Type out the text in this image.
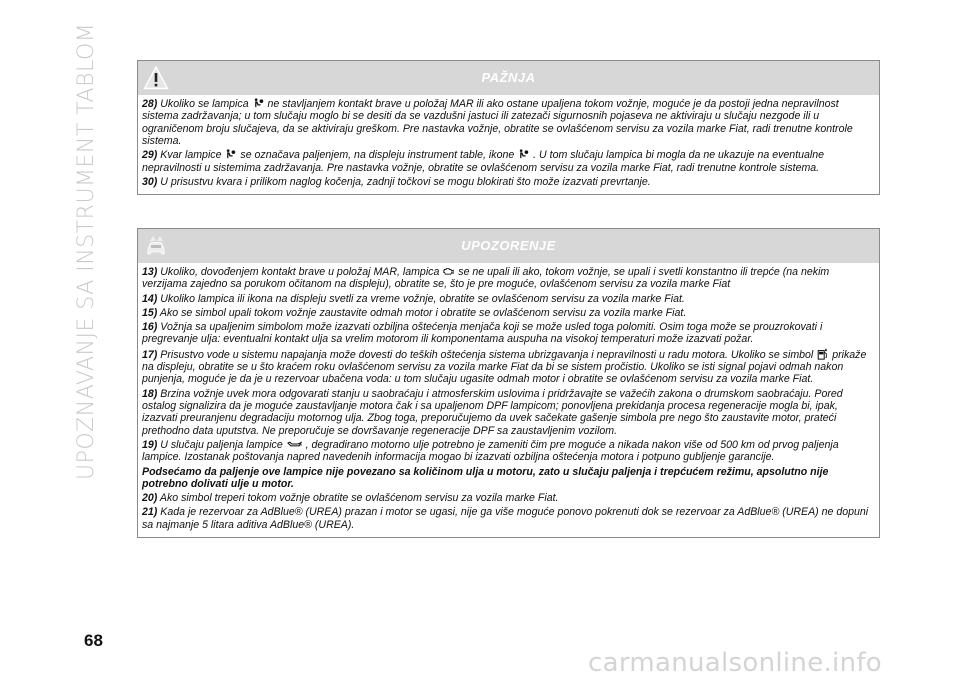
UPOZNAVANJE SA INSTRUMENT TABLOM	PAŽNJA

28) Ukoliko se lampica ne stavljanjem kontakt brave u položaj MAR ili ako ostane upaljena tokom vožnje, moguće je da postoji jedna nepravilnost sistema zadržavanja; u tom slučaju moglo bi se desiti da se vazdušni jastuci ili zatezači sigurnosnih pojaseva ne aktiviraju u slučaju nezgode ili u ograničenom broju slučajeva, da se aktiviraju greškom. Pre nastavka vožnje, obratite se ovlašćenom servisu za vozila marke Fiat, radi trenutne kontrole sistema.

29) Kvar lampice se označava paljenjem, na displeju instrument table, ikone . U tom slučaju lampica bi mogla da ne ukazuje na eventualne nepravilnosti u sistemima zadržavanja. Pre nastavka vožnje, obratite se ovlašćenom servisu za vozila marke Fiat, radi trenutne kontrole sistema.

30) U prisustvu kvara i prilikom naglog kočenja, zadnji točkovi se mogu blokirati što može izazvati prevrtanje.

UPOZORENJE

13) Ukoliko, dovođenjem kontakt brave u položaj MAR, lampica se ne upali ili ako, tokom vožnje, se upali i svetli konstantno ili trepće (na nekim verzijama zajedno sa porukom očitanom na displeju), obratite se, što je pre moguće, ovlašćenom servisu za vozila marke Fiat

14) Ukoliko lampica ili ikona na displeju svetli za vreme vožnje, obratite se ovlašćenom servisu za vozila marke Fiat.

15) Ako se simbol upali tokom vožnje zaustavite odmah motor i obratite se ovlašćenom servisu za vozila marke Fiat.

16) Vožnja sa upaljenim simbolom može izazvati ozbiljna oštećenja menjača koji se može usled toga polomiti. Osim toga može se prouzrokovati i pregrevanje ulja: eventualni kontakt ulja sa vrelim motorom ili komponentama auspuha na visokoj temperaturi može izazvati požar.

17) Prisustvo vode u sistemu napajanja može dovesti do teških oštećenja sistema ubrizgavanja i nepravilnosti u radu motora. Ukoliko se simbol prikaže na displeju, obratite se u što kraćem roku ovlašćenom servisu za vozila marke Fiat da bi se sistem pročistio. Ukoliko se isti signal pojavi odmah nakon punjenja, moguće je da je u rezervoar ubačena voda: u tom slučaju ugasite odmah motor i obratite se ovlašćenom servisu za vozila marke Fiat.

18) Brzina vožnje uvek mora odgovarati stanju u saobraćaju i atmosferskim uslovima i pridržavajte se važećih zakona o drumskom saobraćaju. Pored ostalog signalizira da je moguće zaustavljanje motora čak i sa upaljenom DPF lampicom; ponovljena prekidanja procesa regeneracije mogla bi, ipak, izazvati preuranjenu degradaciju motornog ulja. Zbog toga, preporučujemo da uvek sačekate gašenje simbola pre nego što zaustavite motor, prateći prethodno data uputstva. Ne preporučuje se dovršavanje regeneracije DPF sa zaustavljenim vozilom.

19) U slučaju paljenja lampice , degradirano motorno ulje potrebno je zameniti čim pre moguće a nikada nakon više od 500 km od prvog paljenja lampice. Izostanak poštovanja napred navedenih informacija mogao bi izazvati ozbiljna oštećenja motora i potpuno gubljenje garancije.

Podsećamo da paljenje ove lampice nije povezano sa količinom ulja u motoru, zato u slučaju paljenja i trepćućem režimu, apsolutno nije potrebno dolivati ulje u motor.

20) Ako simbol treperi tokom vožnje obratite se ovlašćenom servisu za vozila marke Fiat.

21) Kada je rezervoar za AdBlue® (UREA) prazan i motor se ugasi, nije ga više moguće ponovo pokrenuti dok se rezervoar za AdBlue® (UREA) ne dopuni sa najmanje 5 litara aditiva AdBlue® (UREA).

68
carmanualsonline.info
